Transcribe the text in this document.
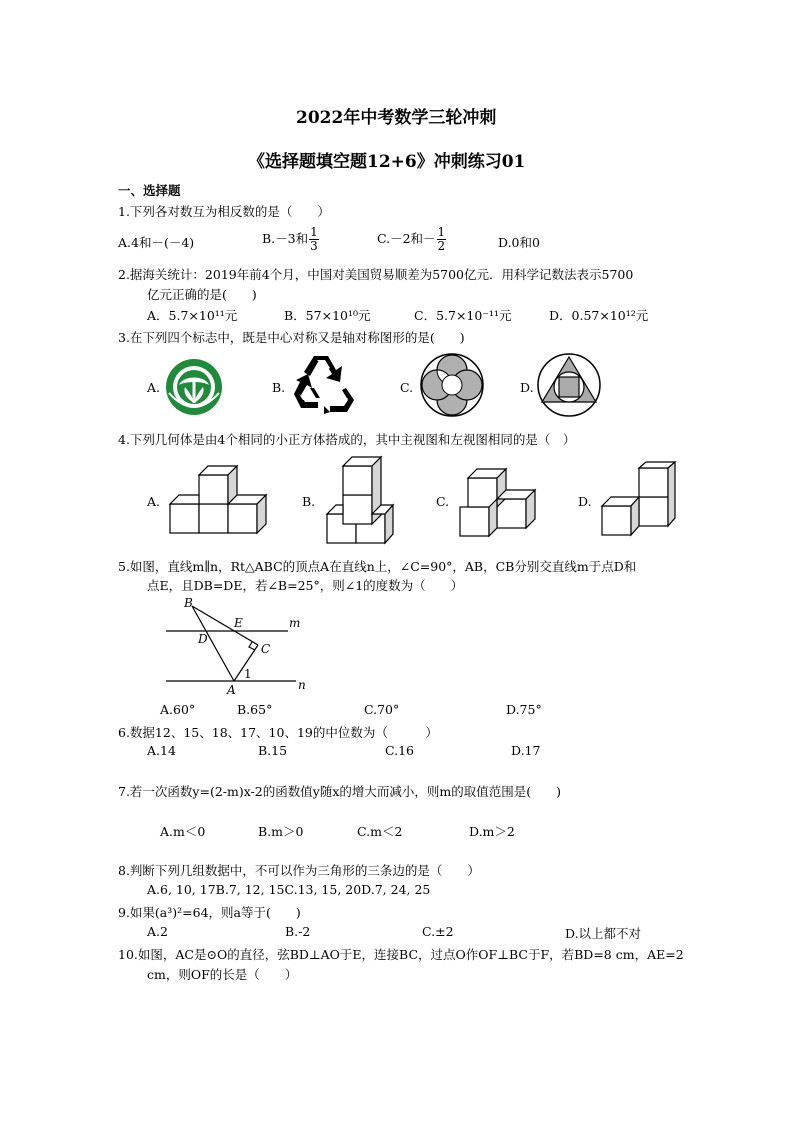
2022年中考数学三轮冲刺
《选择题填空题12+6》冲刺练习01
一、选择题
1.下列各对数互为相反数的是（　　）
A.4和－(－4)	B.－3和 $\frac{1}{3}$	C.－2和－ $\frac{1}{2}$	D.0和0
2.据海关统计：2019年前4个月，中国对美国贸易顺差为5700亿元．用科学记数法表示5700
亿元正确的是(　　)
A．5.7×10¹¹元	B．57×10¹⁰元	C．5.7×10⁻¹¹元	D．0.57×10¹²元
3.在下列四个标志中，既是中心对称又是轴对称图形的是(　　)
A.	B.	C.	D.
4.下列几何体是由4个相同的小正方体搭成的，其中主视图和左视图相同的是（　）
A.	B.	C.	D.
5.如图，直线m∥n，Rt△ABC的顶点A在直线n上，∠C=90°，AB，CB分别交直线m于点D和
点E，且DB=DE，若∠B=25°，则∠1的度数为（　　）
B
E	m
D
C
1
A	n
A.60°	B.65°	C.70°	D.75°
6.数据12、15、18、17、10、19的中位数为（　　　）
A.14	B.15	C.16	D.17
7.若一次函数y=(2-m)x-2的函数值y随x的增大而减小，则m的取值范围是(　　)
A.m＜0	B.m＞0	C.m＜2	D.m＞2
8.判断下列几组数据中，不可以作为三角形的三条边的是（　　）
A.6, 10, 17B.7, 12, 15C.13, 15, 20D.7, 24, 25
9.如果(a³)²=64，则a等于(　　)
A.2	B.-2	C.±2	D.以上都不对
10.如图，AC是⊙O的直径，弦BD⊥AO于E，连接BC，过点O作OF⊥BC于F，若BD=8 cm，AE=2
cm，则OF的长是（　　）
